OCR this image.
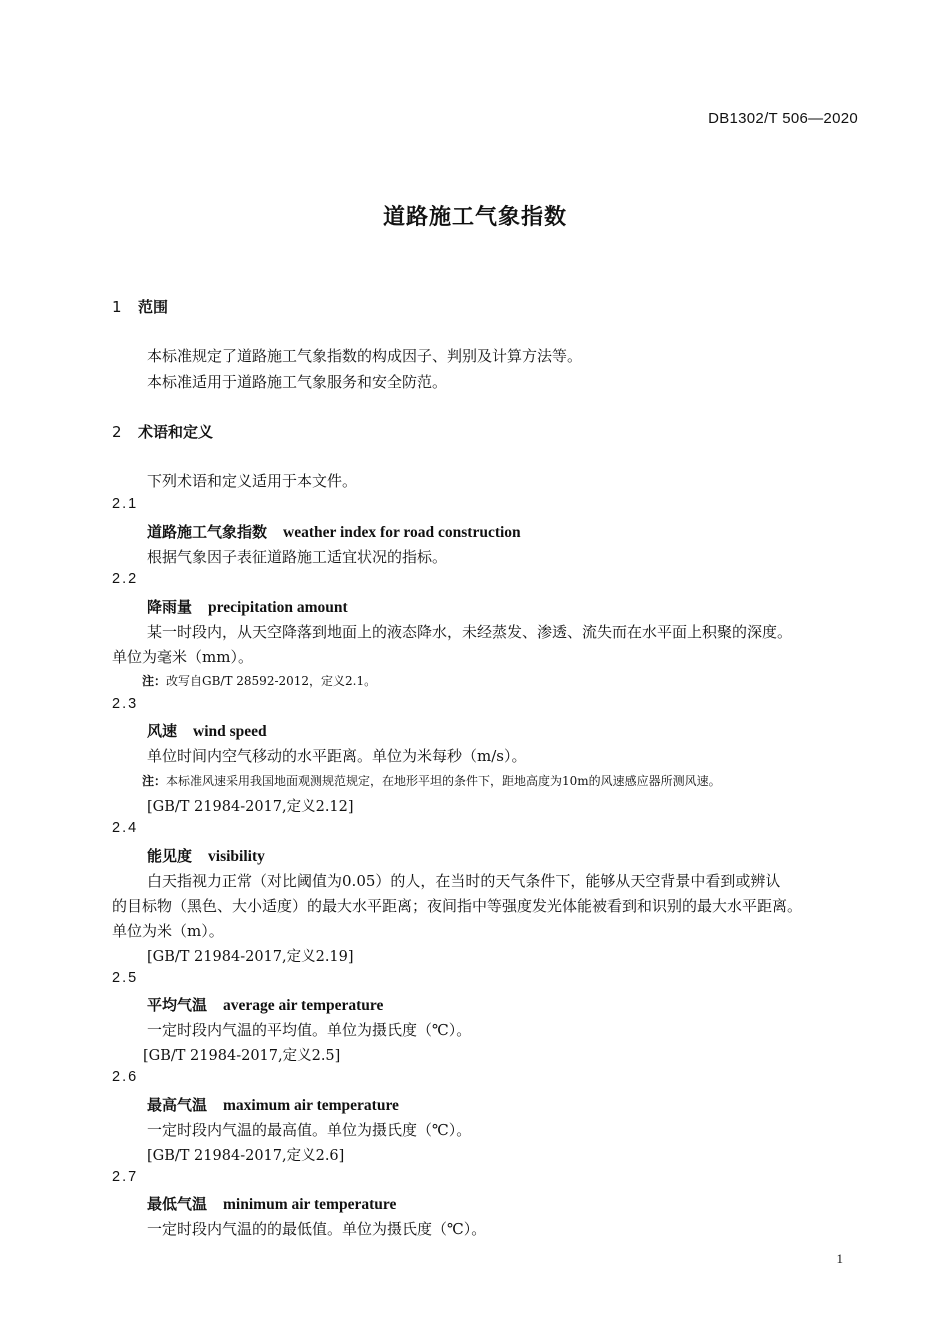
DB1302/T 506—2020
道路施工气象指数
1 范围
本标准规定了道路施工气象指数的构成因子、判别及计算方法等。
本标准适用于道路施工气象服务和安全防范。
2 术语和定义
下列术语和定义适用于本文件。
2.1
道路施工气象指数 weather index for road construction
根据气象因子表征道路施工适宜状况的指标。
2.2
降雨量 precipitation amount
某一时段内，从天空降落到地面上的液态降水，未经蒸发、渗透、流失而在水平面上积聚的深度。
单位为毫米（mm）。
注：改写自GB/T 28592-2012，定义2.1。
2.3
风速 wind speed
单位时间内空气移动的水平距离。单位为米每秒（m/s）。
注：本标准风速采用我国地面观测规范规定，在地形平坦的条件下，距地高度为10m的风速感应器所测风速。
[GB/T 21984-2017,定义2.12]
2.4
能见度 visibility
白天指视力正常（对比阈值为0.05）的人，在当时的天气条件下，能够从天空背景中看到或辨认
的目标物（黑色、大小适度）的最大水平距离；夜间指中等强度发光体能被看到和识别的最大水平距离。
单位为米（m）。
[GB/T 21984-2017,定义2.19]
2.5
平均气温 average air temperature
一定时段内气温的平均值。单位为摄氏度（℃）。
[GB/T 21984-2017,定义2.5]
2.6
最高气温 maximum air temperature
一定时段内气温的最高值。单位为摄氏度（℃）。
[GB/T 21984-2017,定义2.6]
2.7
最低气温 minimum air temperature
一定时段内气温的的最低值。单位为摄氏度（℃）。
1
